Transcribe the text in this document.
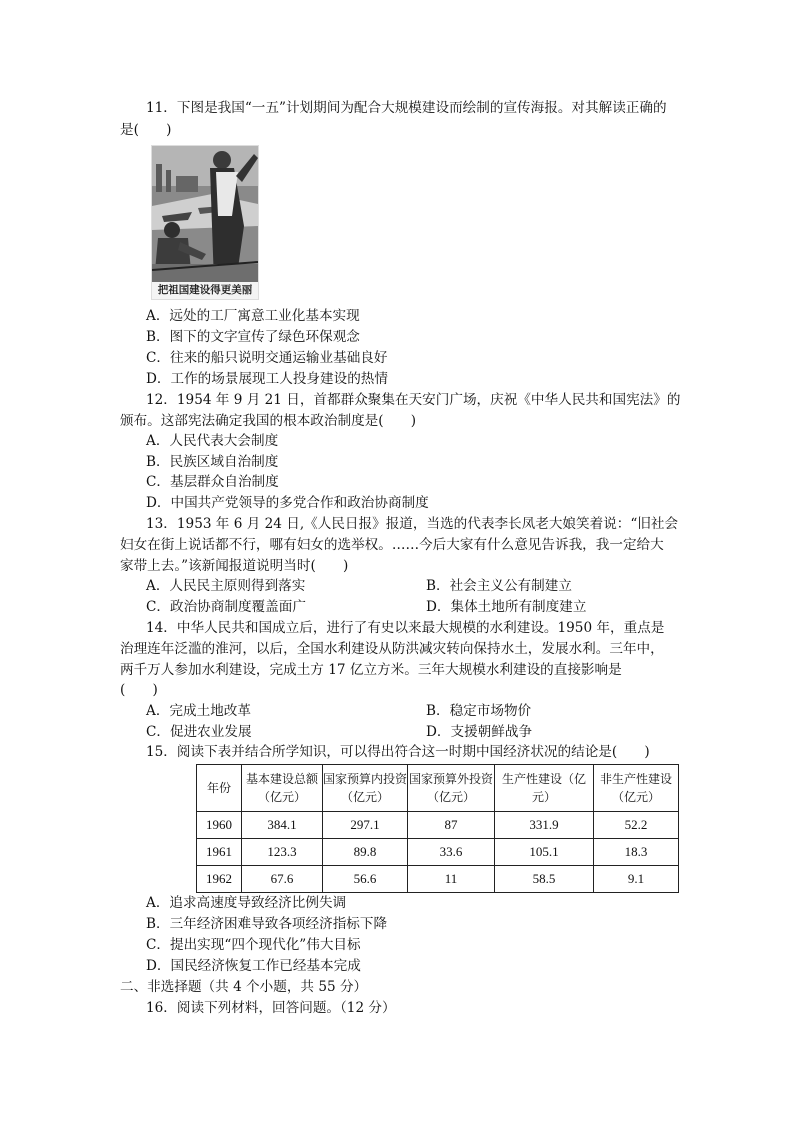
11．下图是我国“一五”计划期间为配合大规模建设而绘制的宣传海报。对其解读正确的
是(　　)
把祖国建设得更美丽
A．远处的工厂寓意工业化基本实现
B．图下的文字宣传了绿色环保观念
C．往来的船只说明交通运输业基础良好
D．工作的场景展现工人投身建设的热情
12．1954 年 9 月 21 日，首都群众聚集在天安门广场，庆祝《中华人民共和国宪法》的
颁布。这部宪法确定我国的根本政治制度是(　　)
A．人民代表大会制度
B．民族区域自治制度
C．基层群众自治制度
D．中国共产党领导的多党合作和政治协商制度
13．1953 年 6 月 24 日,《人民日报》报道，当选的代表李长凤老大娘笑着说：“旧社会
妇女在街上说话都不行，哪有妇女的选举权。……今后大家有什么意见告诉我，我一定给大
家带上去。”该新闻报道说明当时(　　)
A．人民民主原则得到落实	B．社会主义公有制建立
C．政治协商制度覆盖面广	D．集体土地所有制度建立
14．中华人民共和国成立后，进行了有史以来最大规模的水利建设。1950 年，重点是
治理连年泛滥的淮河，以后，全国水利建设从防洪减灾转向保持水土，发展水利。三年中，
两千万人参加水利建设，完成土方 17 亿立方米。三年大规模水利建设的直接影响是
(　　)
A．完成土地改革	B．稳定市场物价
C．促进农业发展	D．支援朝鲜战争
15．阅读下表并结合所学知识，可以得出符合这一时期中国经济状况的结论是(　　)
年份	基本建设总额（亿元）	国家预算内投资（亿元）	国家预算外投资（亿元）	生产性建设（亿元）	非生产性建设（亿元）
1960	384.1	297.1	87	331.9	52.2
1961	123.3	89.8	33.6	105.1	18.3
1962	67.6	56.6	11	58.5	9.1
A．追求高速度导致经济比例失调
B．三年经济困难导致各项经济指标下降
C．提出实现“四个现代化”伟大目标
D．国民经济恢复工作已经基本完成
二、非选择题（共 4 个小题，共 55 分）
16．阅读下列材料，回答问题。（12 分）
